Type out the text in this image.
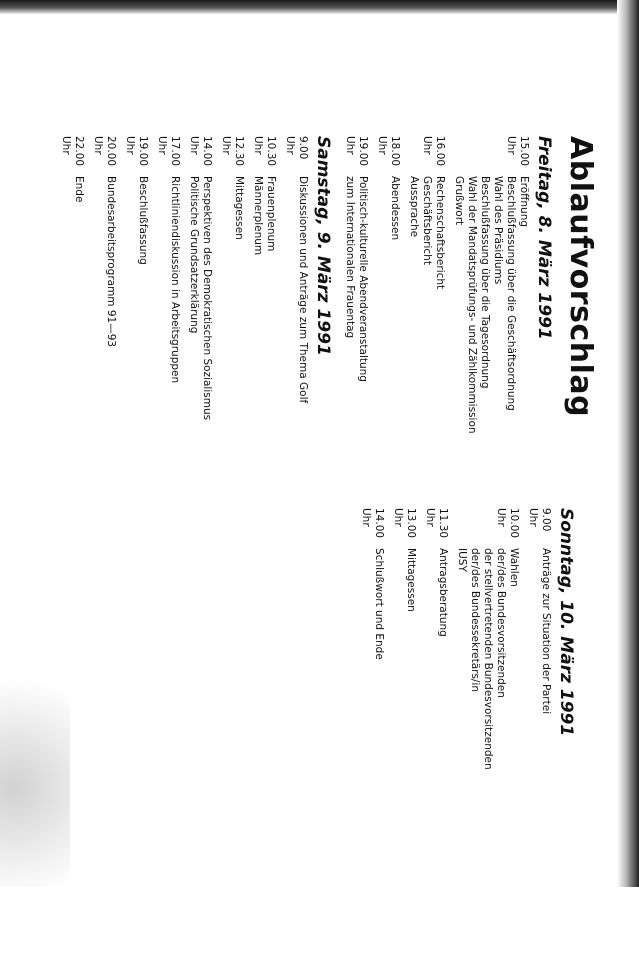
Ablaufvorschlag
Freitag, 8. März 1991
15.00 Uhr
Eröffnung
Beschlußfassung über die Geschäftsordnung
Wahl des Präsidiums
Beschlußfassung über die Tagesordnung
Wahl der Mandatsprüfungs- und Zählkommission
Grußwort
16.00 Uhr
Rechenschaftsbericht
Geschäftsbericht
Aussprache
18.00 Uhr
Abendessen
19.00 Uhr
Politisch-kulturelle Abendveranstaltung
zum Internationalen Frauentag
Samstag, 9. März 1991
9.00 Uhr
Diskussionen und Anträge zum Thema Golf
10.30 Uhr
Frauenplenum
Männerplenum
12.30 Uhr
Mittagessen
14.00 Uhr
Perspektiven des Demokratischen Sozialismus
Politische Grundsatzerklärung
17.00 Uhr
Richtliniendiskussion in Arbeitsgruppen
19.00 Uhr
Beschlußfassung
20.00 Uhr
Bundesarbeitsprogramm 91—93
22.00 Uhr
Ende
Sonntag, 10. März 1991
9.00 Uhr
Anträge zur Situation der Partei
10.00 Uhr
Wahlen
der/des Bundesvorsitzenden
der stellvertretenden Bundesvorsitzenden
der/des Bundessekretärs/in
IUSY
11.30 Uhr
Antragsberatung
13.00 Uhr
Mittagessen
14.00 Uhr
Schlußwort und Ende
